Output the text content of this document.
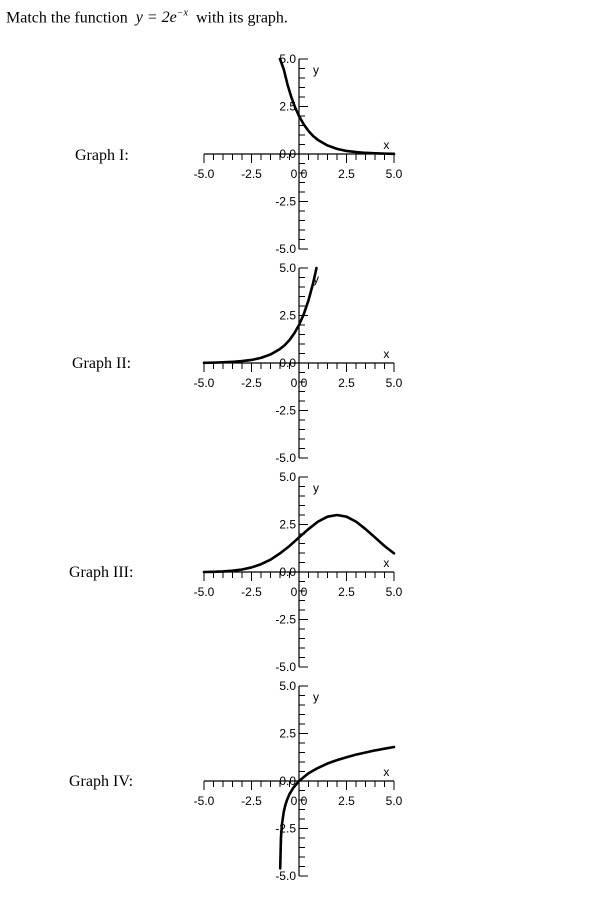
Match the function $y = 2e^{-x}$ with its graph.
Graph I:
Graph II:
Graph III:
Graph IV:
-5.0 -2.5 0.0	2.5	5.0
5.0
2.5
0.0
-2.5
-5.0
x
y
-5.0 -2.5 0.0	2.5	5.0
5.0
2.5
0.0
-2.5
-5.0
x
y
-5.0 -2.5 0.0	2.5	5.0
5.0
2.5
0.0
-2.5
-5.0
x
y
-5.0 -2.5 0.0	2.5	5.0
5.0
2.5
0.0
-2.5
-5.0
x
y
